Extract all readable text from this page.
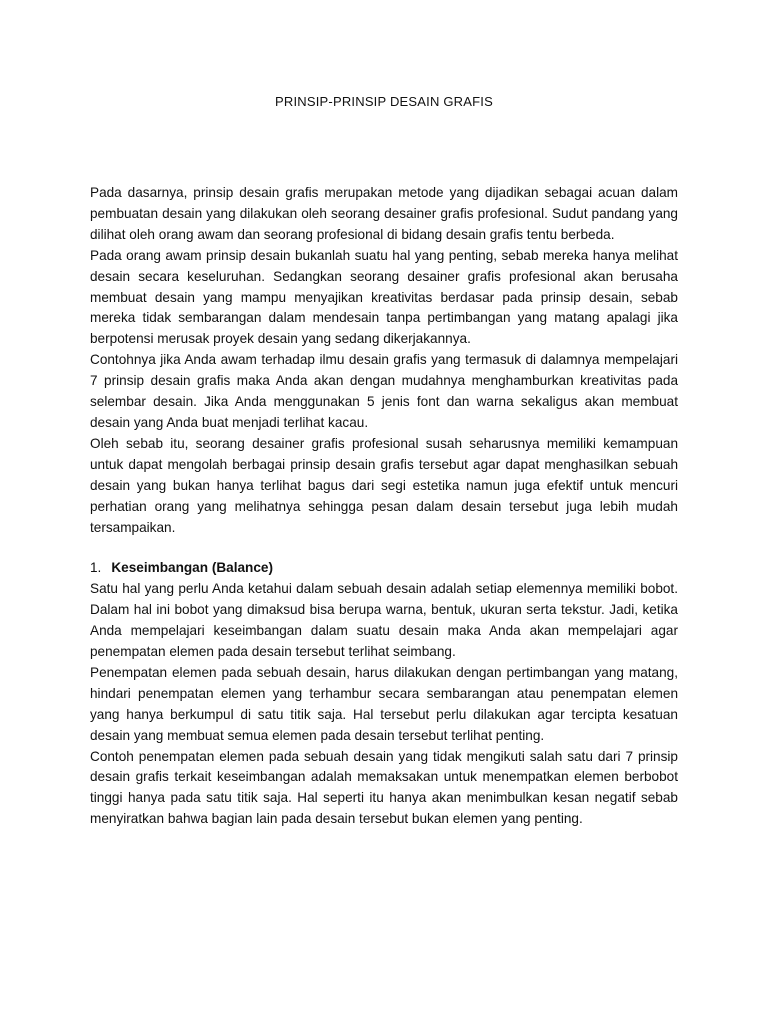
PRINSIP-PRINSIP DESAIN GRAFIS

Pada dasarnya, prinsip desain grafis merupakan metode yang dijadikan sebagai acuan dalam pembuatan desain yang dilakukan oleh seorang desainer grafis profesional. Sudut pandang yang dilihat oleh orang awam dan seorang profesional di bidang desain grafis tentu berbeda.

Pada orang awam prinsip desain bukanlah suatu hal yang penting, sebab mereka hanya melihat desain secara keseluruhan. Sedangkan seorang desainer grafis profesional akan berusaha membuat desain yang mampu menyajikan kreativitas berdasar pada prinsip desain, sebab mereka tidak sembarangan dalam mendesain tanpa pertimbangan yang matang apalagi jika berpotensi merusak proyek desain yang sedang dikerjakannya.

Contohnya jika Anda awam terhadap ilmu desain grafis yang termasuk di dalamnya mempelajari 7 prinsip desain grafis maka Anda akan dengan mudahnya menghamburkan kreativitas pada selembar desain. Jika Anda menggunakan 5 jenis font dan warna sekaligus akan membuat desain yang Anda buat menjadi terlihat kacau.

Oleh sebab itu, seorang desainer grafis profesional susah seharusnya memiliki kemampuan untuk dapat mengolah berbagai prinsip desain grafis tersebut agar dapat menghasilkan sebuah desain yang bukan hanya terlihat bagus dari segi estetika namun juga efektif untuk mencuri perhatian orang yang melihatnya sehingga pesan dalam desain tersebut juga lebih mudah tersampaikan.

1. Keseimbangan (Balance)

Satu hal yang perlu Anda ketahui dalam sebuah desain adalah setiap elemennya memiliki bobot. Dalam hal ini bobot yang dimaksud bisa berupa warna, bentuk, ukuran serta tekstur. Jadi, ketika Anda mempelajari keseimbangan dalam suatu desain maka Anda akan mempelajari agar penempatan elemen pada desain tersebut terlihat seimbang.

Penempatan elemen pada sebuah desain, harus dilakukan dengan pertimbangan yang matang, hindari penempatan elemen yang terhambur secara sembarangan atau penempatan elemen yang hanya berkumpul di satu titik saja. Hal tersebut perlu dilakukan agar tercipta kesatuan desain yang membuat semua elemen pada desain tersebut terlihat penting.

Contoh penempatan elemen pada sebuah desain yang tidak mengikuti salah satu dari 7 prinsip desain grafis terkait keseimbangan adalah memaksakan untuk menempatkan elemen berbobot tinggi hanya pada satu titik saja. Hal seperti itu hanya akan menimbulkan kesan negatif sebab menyiratkan bahwa bagian lain pada desain tersebut bukan elemen yang penting.
